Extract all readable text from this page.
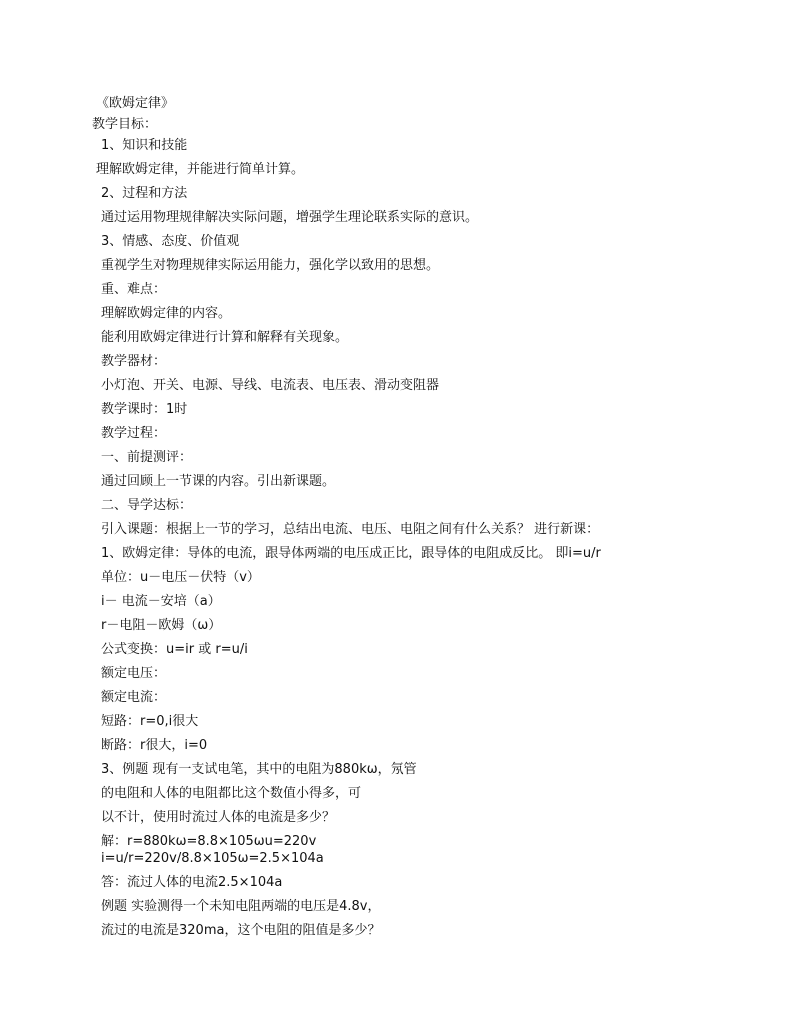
《欧姆定律》

教学目标：

1、知识和技能

理解欧姆定律，并能进行简单计算。

2、过程和方法

通过运用物理规律解决实际问题，增强学生理论联系实际的意识。

3、情感、态度、价值观

重视学生对物理规律实际运用能力，强化学以致用的思想。

重、难点：

理解欧姆定律的内容。

能利用欧姆定律进行计算和解释有关现象。

教学器材：

小灯泡、开关、电源、导线、电流表、电压表、滑动变阻器

教学课时：1时

教学过程：

一、前提测评：

通过回顾上一节课的内容。引出新课题。

二、导学达标：

引入课题：根据上一节的学习，总结出电流、电压、电阻之间有什么关系？ 进行新课：

1、欧姆定律：导体的电流，跟导体两端的电压成正比，跟导体的电阻成反比。 即i=u/r

单位：u－电压－伏特（v）

i－ 电流－安培（a）

r－电阻－欧姆（ω）

公式变换：u=ir 或 r=u/i

额定电压：

额定电流：

短路：r=0,i很大

断路：r很大，i=0

3、例题 现有一支试电笔，其中的电阻为880kω，氖管

的电阻和人体的电阻都比这个数值小得多，可

以不计，使用时流过人体的电流是多少？

解：r=880kω=8.8×105ωu=220v

i=u/r=220v/8.8×105ω=2.5×104a

答：流过人体的电流2.5×104a

例题 实验测得一个未知电阻两端的电压是4.8v，

流过的电流是320ma，这个电阻的阻值是多少？
